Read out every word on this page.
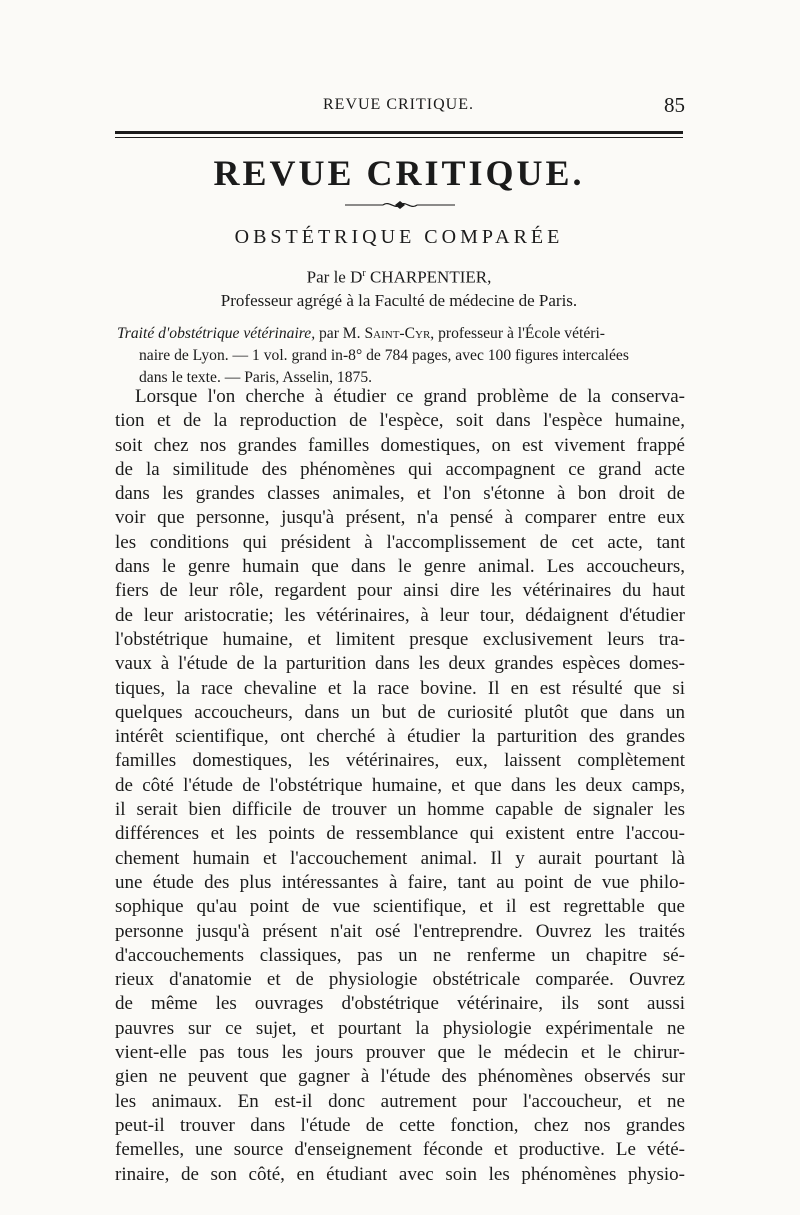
REVUE CRITIQUE.	85
REVUE CRITIQUE.
OBSTÉTRIQUE COMPARÉE
Par le $D^r$ CHARPENTIER,
Professeur agrégé à la Faculté de médecine de Paris.
Traité d'obstétrique vétérinaire, par M. Saint-Cyr, professeur à l'École vétéri-
naire de Lyon. — 1 vol. grand in-8° de 784 pages, avec 100 figures intercalées
dans le texte. — Paris, Asselin, 1875.
Lorsque l'on cherche à étudier ce grand problème de la conserva-
tion et de la reproduction de l'espèce, soit dans l'espèce humaine,
soit chez nos grandes familles domestiques, on est vivement frappé
de la similitude des phénomènes qui accompagnent ce grand acte
dans les grandes classes animales, et l'on s'étonne à bon droit de
voir que personne, jusqu'à présent, n'a pensé à comparer entre eux
les conditions qui président à l'accomplissement de cet acte, tant
dans le genre humain que dans le genre animal. Les accoucheurs,
fiers de leur rôle, regardent pour ainsi dire les vétérinaires du haut
de leur aristocratie; les vétérinaires, à leur tour, dédaignent d'étudier
l'obstétrique humaine, et limitent presque exclusivement leurs tra-
vaux à l'étude de la parturition dans les deux grandes espèces domes-
tiques, la race chevaline et la race bovine. Il en est résulté que si
quelques accoucheurs, dans un but de curiosité plutôt que dans un
intérêt scientifique, ont cherché à étudier la parturition des grandes
familles domestiques, les vétérinaires, eux, laissent complètement
de côté l'étude de l'obstétrique humaine, et que dans les deux camps,
il serait bien difficile de trouver un homme capable de signaler les
différences et les points de ressemblance qui existent entre l'accou-
chement humain et l'accouchement animal. Il y aurait pourtant là
une étude des plus intéressantes à faire, tant au point de vue philo-
sophique qu'au point de vue scientifique, et il est regrettable que
personne jusqu'à présent n'ait osé l'entreprendre. Ouvrez les traités
d'accouchements classiques, pas un ne renferme un chapitre sé-
rieux d'anatomie et de physiologie obstétricale comparée. Ouvrez
de même les ouvrages d'obstétrique vétérinaire, ils sont aussi
pauvres sur ce sujet, et pourtant la physiologie expérimentale ne
vient-elle pas tous les jours prouver que le médecin et le chirur-
gien ne peuvent que gagner à l'étude des phénomènes observés sur
les animaux. En est-il donc autrement pour l'accoucheur, et ne
peut-il trouver dans l'étude de cette fonction, chez nos grandes
femelles, une source d'enseignement féconde et productive. Le vété-
rinaire, de son côté, en étudiant avec soin les phénomènes physio-
